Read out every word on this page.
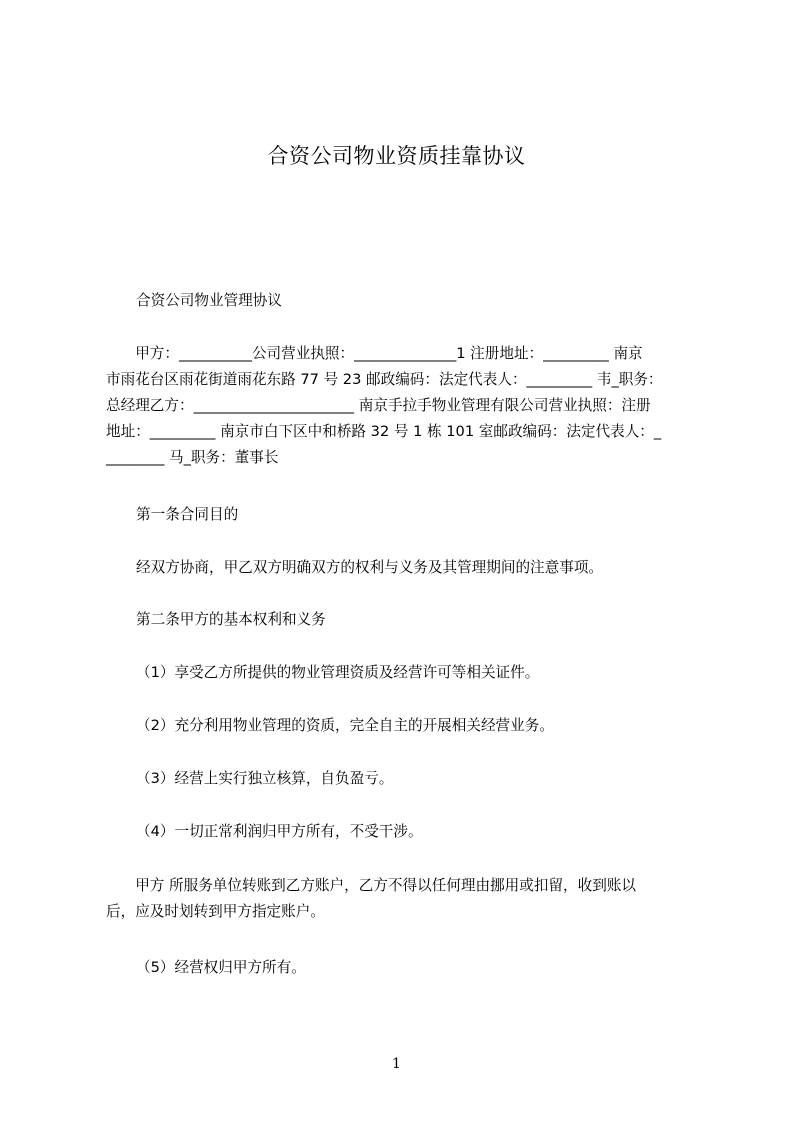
合资公司物业资质挂靠协议

合资公司物业管理协议

　　甲方：__________公司营业执照：______________1 注册地址：_________ 南京
市雨花台区雨花街道雨花东路 77 号 23 邮政编码：法定代表人：_________ 韦_职务：
总经理乙方：______________________ 南京手拉手物业管理有限公司营业执照：注册
地址：_________ 南京市白下区中和桥路 32 号 1 栋 101 室邮政编码：法定代表人：_
________ 马_职务：董事长

第一条合同目的

经双方协商，甲乙双方明确双方的权利与义务及其管理期间的注意事项。

第二条甲方的基本权利和义务

（1）享受乙方所提供的物业管理资质及经营许可等相关证件。

（2）充分利用物业管理的资质，完全自主的开展相关经营业务。

（3）经营上实行独立核算，自负盈亏。

（4）一切正常利润归甲方所有，不受干涉。

　　甲方 所服务单位转账到乙方账户，乙方不得以任何理由挪用或扣留，收到账以
后，应及时划转到甲方指定账户。

（5）经营权归甲方所有。

1
